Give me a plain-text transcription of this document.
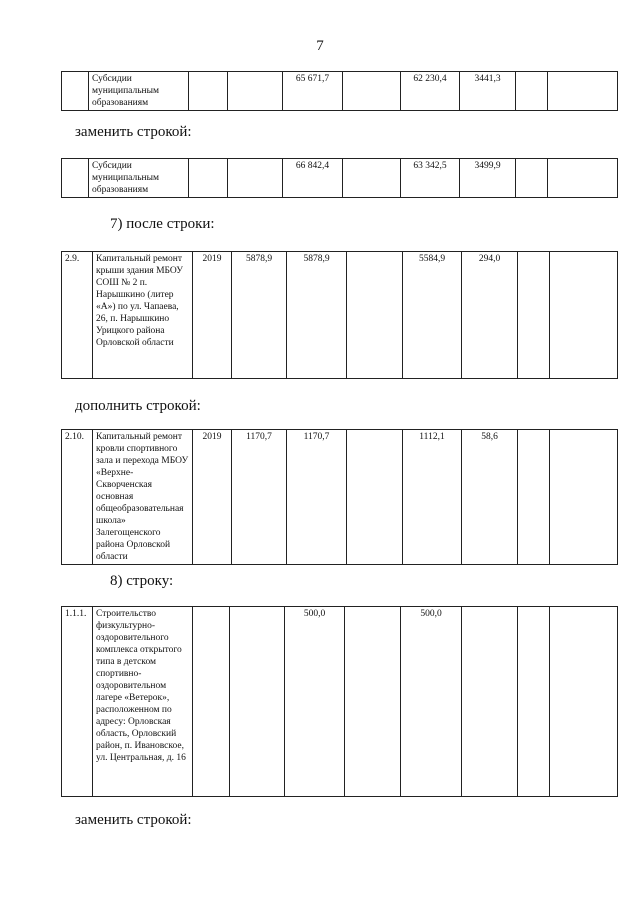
7
	Субсидии муниципальным образованиям			65 671,7		62 230,4	3441,3		
заменить строкой:
	Субсидии муниципальным образованиям			66 842,4		63 342,5	3499,9		
7) после строки:
2.9.	Капитальный ремонт крыши здания МБОУ СОШ № 2 п. Нарышкино (литер «А») по ул. Чапаева, 26, п. Нарышкино Урицкого района Орловской области	2019	5878,9	5878,9		5584,9	294,0		
дополнить строкой:
2.10.	Капитальный ремонт кровли спортивного зала и перехода МБОУ «Верхне-Скворченская основная общеобразовательная школа» Залегощенского района Орловской области	2019	1170,7	1170,7		1112,1	58,6		
8) строку:
1.1.1.	Строительство физкультурно-оздоровительного комплекса открытого типа в детском спортивно-оздоровительном лагере «Ветерок», расположенном по адресу: Орловская область, Орловский район, п. Ивановское, ул. Центральная, д. 16			500,0		500,0			
заменить строкой:
